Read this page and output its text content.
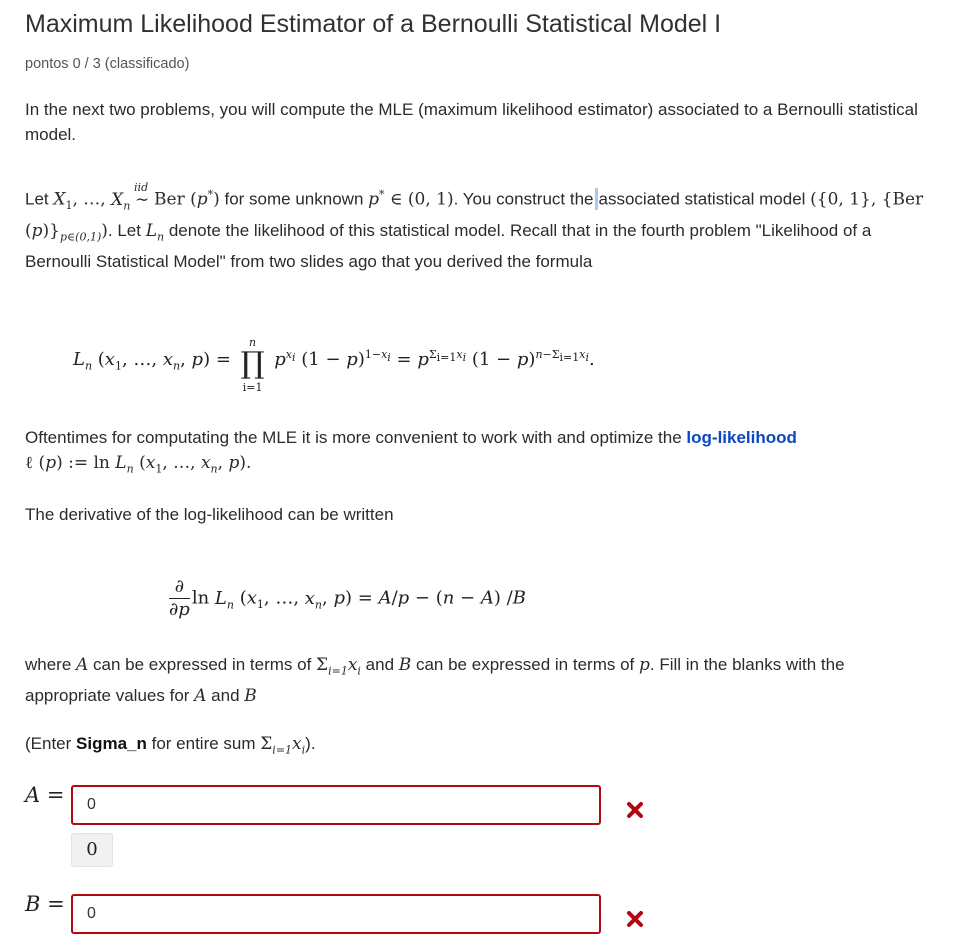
Maximum Likelihood Estimator of a Bernoulli Statistical Model I
pontos 0 / 3 (classificado)
In the next two problems, you will compute the MLE (maximum likelihood estimator) associated to a Bernoulli statistical model.
Let $X_1$, …, $X_n$
iid
∼ Ber (p*) for some unknown p* ∈ (0, 1). You construct the associated statistical model ({0, 1}, {Ber $(p)\}_{p\in(0,1)}$). Let $L_n$ denote the likelihood of this statistical model. Recall that in the fourth problem "Likelihood of a Bernoulli Statistical Model" from two slides ago that you derived the formula
$L_n$ ($x_1$, …, $x_n$, p) = ∏
n
i=1
$p^{x_i}$ $(1 - p)^{1-x_i} = p^{\Sigma_{i=1}x_i}$ $(1 - p)^{n-\Sigma_{i=1}x_i}$.
Oftentimes for computating the MLE it is more convenient to work with and optimize the log-likelihood
ℓ (p) := $\ln L_n$ ($x_1$, …, $x_n$, p).
The derivative of the log-likelihood can be written
$\frac{\partial}{\partial p}$ $\ln L_n$ ($x_1$, …, $x_n$, p) = A/p − (n − A) /B
where A can be expressed in terms of $\Sigma_{i=1}x_i$ and B can be expressed in terms of p. Fill in the blanks with the appropriate values for A and B
(Enter Sigma_n for entire sum $\Sigma_{i=1}x_i$).
A =
0
0
B =
0
